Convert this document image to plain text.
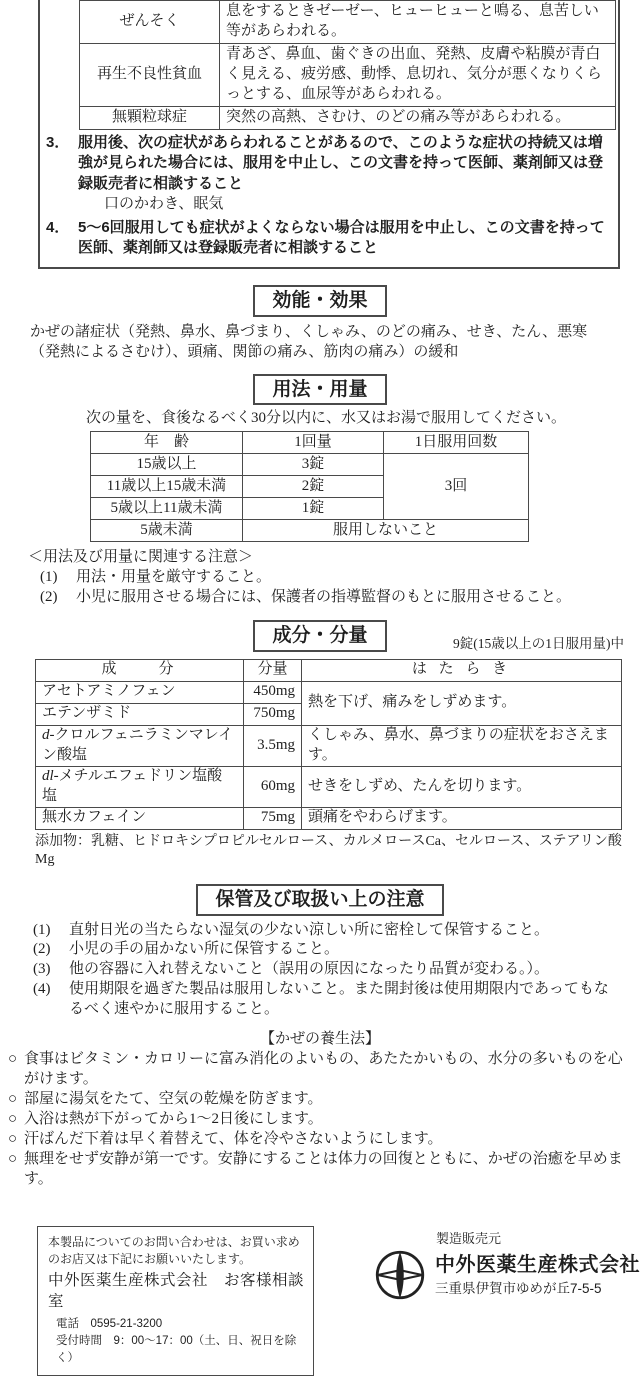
ぜんそく	息をするときゼーゼー、ヒューヒューと鳴る、息苦しい等があらわれる。
再生不良性貧血	青あざ、鼻血、歯ぐきの出血、発熱、皮膚や粘膜が青白く見える、疲労感、動悸、息切れ、気分が悪くなりくらっとする、血尿等があらわれる。
無顆粒球症	突然の高熱、さむけ、のどの痛み等があらわれる。
3． 服用後、次の症状があらわれることがあるので、このような症状の持続又は増強が見られた場合には、服用を中止し、この文書を持って医師、薬剤師又は登録販売者に相談すること
口のかわき、眠気
4． 5～6回服用しても症状がよくならない場合は服用を中止し、この文書を持って医師、薬剤師又は登録販売者に相談すること
効能・効果
かぜの諸症状（発熱、鼻水、鼻づまり、くしゃみ、のどの痛み、せき、たん、悪寒（発熱によるさむけ）、頭痛、関節の痛み、筋肉の痛み）の緩和
用法・用量
次の量を、食後なるべく30分以内に、水又はお湯で服用してください。
年　齢	1回量	1日服用回数
15歳以上	3錠	3回
11歳以上15歳未満	2錠	
5歳以上11歳未満	1錠	
5歳未満	服用しないこと	
＜用法及び用量に関連する注意＞
(1)	用法・用量を厳守すること。
(2)	小児に服用させる場合には、保護者の指導監督のもとに服用させること。
成分・分量	9錠(15歳以上の1日服用量)中
成　　分	分量	は た ら き
アセトアミノフェン	450mg	熱を下げ、痛みをしずめます。
エテンザミド	750mg	
d-クロルフェニラミンマレイン酸塩	3.5mg	くしゃみ、鼻水、鼻づまりの症状をおさえます。
dl-メチルエフェドリン塩酸塩	60mg	せきをしずめ、たんを切ります。
無水カフェイン	75mg	頭痛をやわらげます。
添加物：乳糖、ヒドロキシプロピルセルロース、カルメロースCa、セルロース、ステアリン酸Mg
保管及び取扱い上の注意
(1)	直射日光の当たらない湿気の少ない涼しい所に密栓して保管すること。
(2)	小児の手の届かない所に保管すること。
(3)	他の容器に入れ替えないこと（誤用の原因になったり品質が変わる。）。
(4)	使用期限を過ぎた製品は服用しないこと。また開封後は使用期限内であってもなるべく速やかに服用すること。
【かぜの養生法】
○ 食事はビタミン・カロリーに富み消化のよいもの、あたたかいもの、水分の多いものを心がけます。
○ 部屋に湯気をたて、空気の乾燥を防ぎます。
○ 入浴は熱が下がってから1～2日後にします。
○ 汗ばんだ下着は早く着替えて、体を冷やさないようにします。
○ 無理をせず安静が第一です。安静にすることは体力の回復とともに、かぜの治癒を早めます。
本製品についてのお問い合わせは、お買い求め
のお店又は下記にお願いいたします。
中外医薬生産株式会社　お客様相談室
電話　0595-21-3200
受付時間　9：00～17：00（土、日、祝日を除く）
製造販売元
中外医薬生産株式会社
三重県伊賀市ゆめが丘7-5-5
